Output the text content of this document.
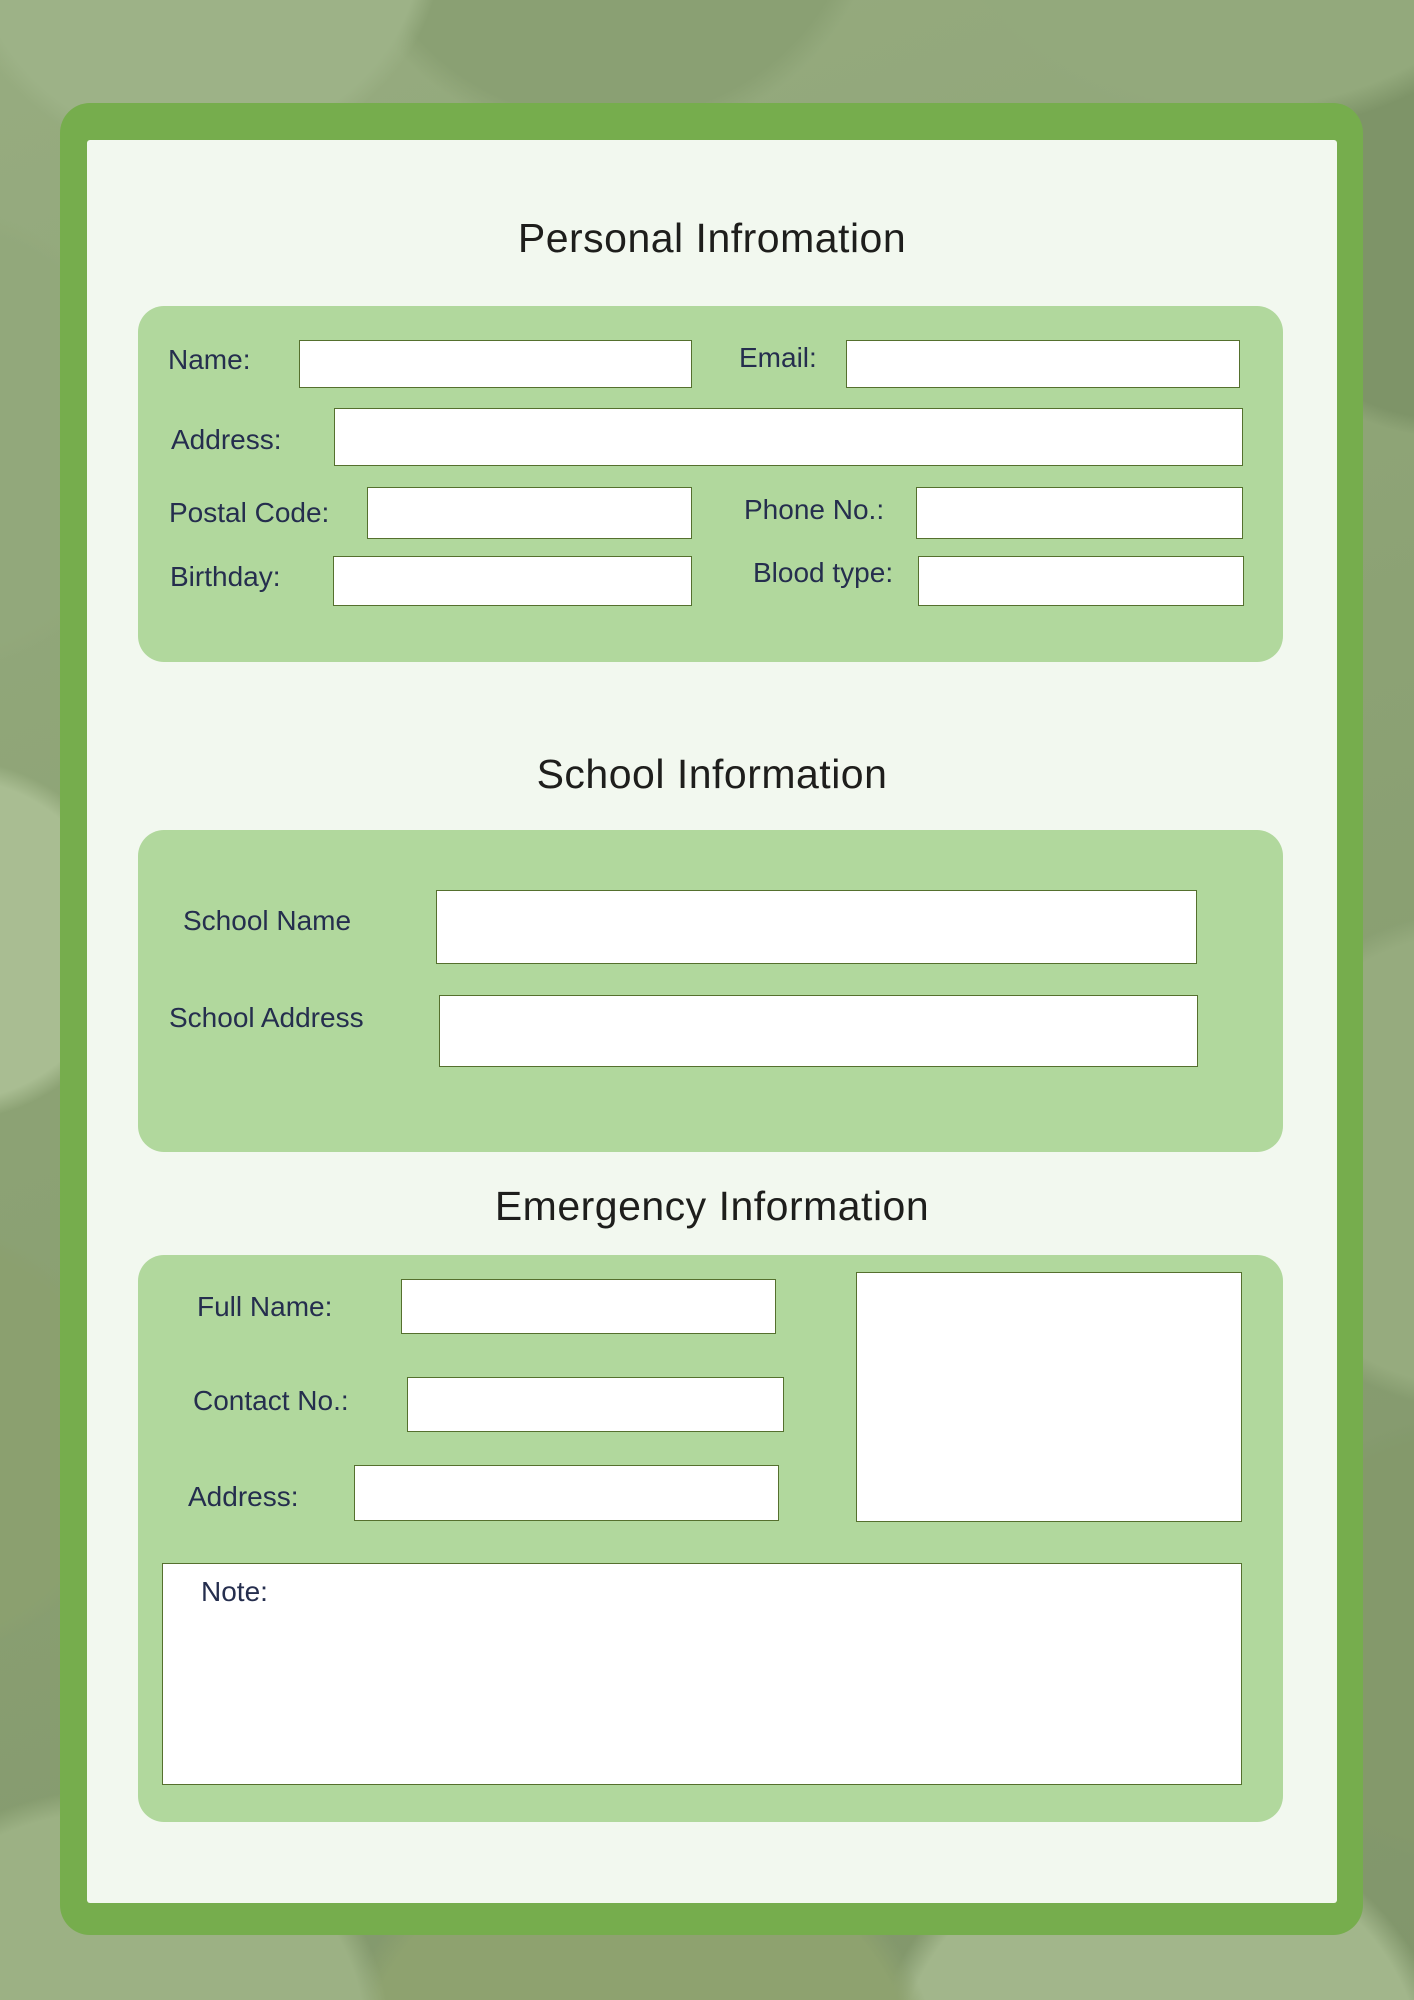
Personal Infromation
Name:	Email:
Address:
Postal Code:	Phone No.:
Birthday:	Blood type:
School Information
School Name
School Address
Emergency Information
Full Name:
Contact No.:
Address:
Note:
